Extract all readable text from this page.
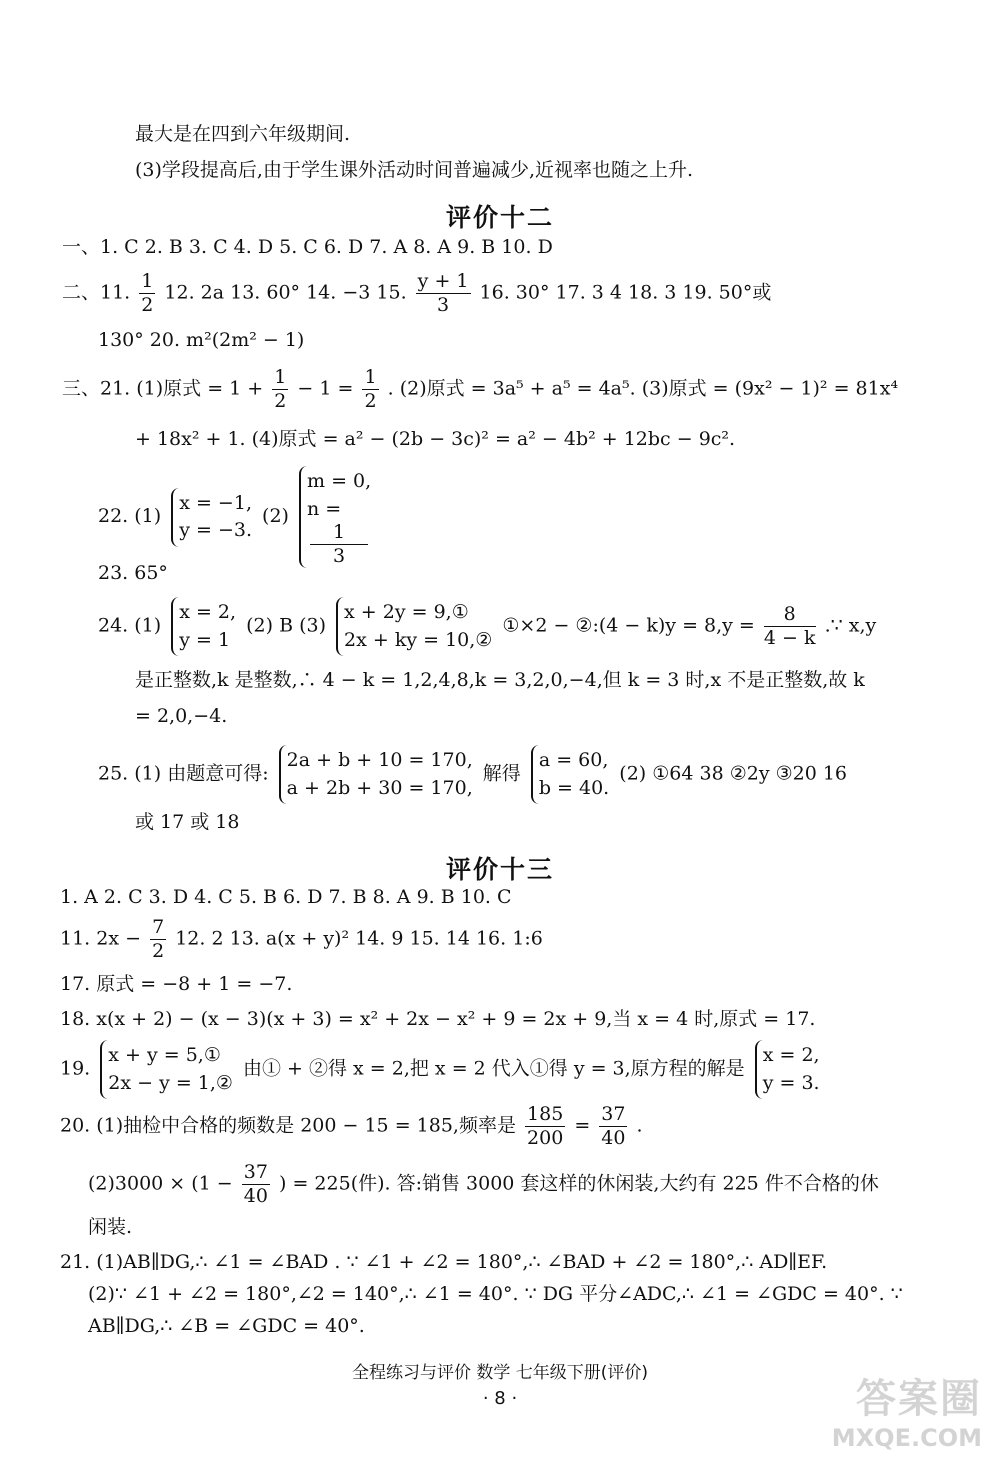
最大是在四到六年级期间.
(3)学段提高后,由于学生课外活动时间普遍减少,近视率也随之上升.
评价十二
一、1. C 2. B 3. C 4. D 5. C 6. D 7. A 8. A 9. B 10. D
二、11. $\frac{1}{2} 12$. 2a 13. 60° 14. −3 15. $\frac{y + 1}{3} 16$. 30° 17. 3 4 18. 3 19. 50°或
130° 20. m²(2m² − 1)
三、21. (1)原式 = $1 + \frac{1}{2} - 1 = \frac{1}{2}$ . (2)原式 = 3a⁵ + a⁵ = 4a⁵. (3)原式 = (9x² − 1)² = 81x⁴
+ 18x² + 1. (4)原式 = a² − (2b − 3c)² = a² − 4b² + 12bc − 9c².
22. (1)
x = −1,
y = −3.
(2)
m = 0,
n =
1
3
23. 65°
24. (1)
x = 2,
y = 1
(2) B (3)
x + 2y = 9,①
2x + ky = 10,②
①×2 − ②:(4 − $k)y = 8,y = \frac{8}{4 - k}$ .∵ x,y
是正整数,k 是整数,∴ 4 − k = 1,2,4,8,k = 3,2,0,−4,但 k = 3 时,x 不是正整数,故 k
= 2,0,−4.
25. (1) 由题意可得:
2a + b + 10 = 170,
a + 2b + 30 = 170,
解得
a = 60,
b = 40.
(2) ①64 38 ②2y ③20 16
或 17 或 18
评价十三
1. A 2. C 3. D 4. C 5. B 6. D 7. B 8. A 9. B 10. C
11. $2x - \frac{7}{2} 12$. 2 13. a(x + y)² 14. 9 15. 14 16. 1:6
17. 原式 = −8 + 1 = −7.
18. x(x + 2) − (x − 3)(x + 3) = x² + 2x − x² + 9 = 2x + 9,当 x = 4 时,原式 = 17.
19.
x + y = 5,①
2x − y = 1,②
由① + ②得 x = 2,把 x = 2 代入①得 y = 3,原方程的解是
x = 2,
y = 3.
20. (1)抽检中合格的频数是 200 − 15 = 185,频率是 $\frac{185}{200} = \frac{37}{40}$ .
$(2)3000 \times (1 - \frac{37}{40}$ ) = 225(件). 答:销售 3000 套这样的休闲装,大约有 225 件不合格的休
闲装.
21. (1)AB∥DG,∴ ∠1 = ∠BAD . ∵ ∠1 + ∠2 = 180°,∴ ∠BAD + ∠2 = 180°,∴ AD∥EF.
(2)∵ ∠1 + ∠2 = 180°,∠2 = 140°,∴ ∠1 = 40°. ∵ DG 平分∠ADC,∴ ∠1 = ∠GDC = 40°. ∵
AB∥DG,∴ ∠B = ∠GDC = 40°.
全程练习与评价 数学 七年级下册(评价)
· 8 ·	答案圈
MXQE.COM
